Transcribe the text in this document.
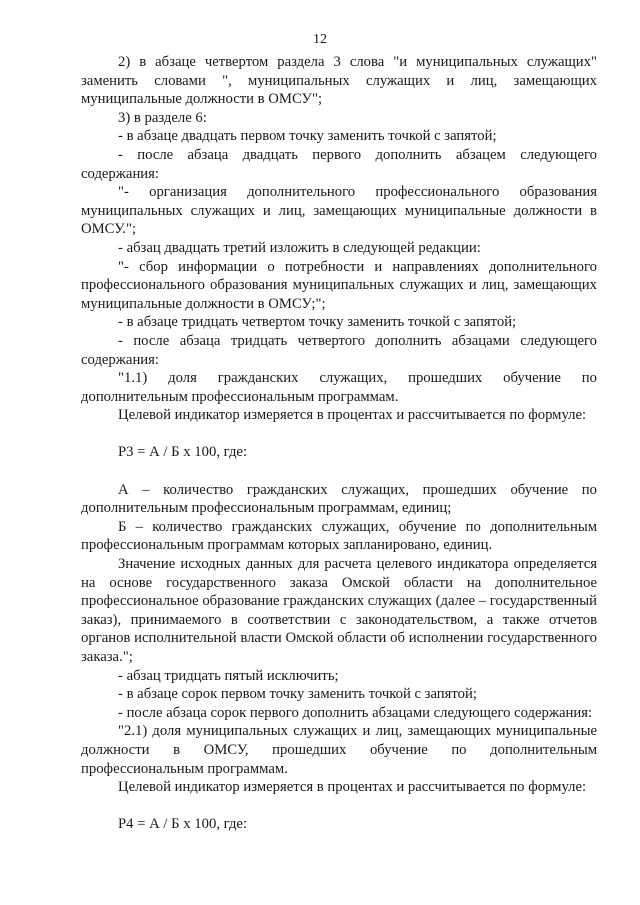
12
2) в абзаце четвертом раздела 3 слова "и муниципальных служащих" заменить словами ", муниципальных служащих и лиц, замещающих муниципальные должности в ОМСУ";
3) в разделе 6:
- в абзаце двадцать первом точку заменить точкой с запятой;
- после абзаца двадцать первого дополнить абзацем следующего содержания:
"- организация дополнительного профессионального образования муниципальных служащих и лиц, замещающих муниципальные должности в ОМСУ.";
- абзац двадцать третий изложить в следующей редакции:
"- сбор информации о потребности и направлениях дополнительного профессионального образования муниципальных служащих и лиц, замещающих муниципальные должности в ОМСУ;";
- в абзаце тридцать четвертом точку заменить точкой с запятой;
- после абзаца тридцать четвертого дополнить абзацами следующего содержания:
"1.1) доля гражданских служащих, прошедших обучение по дополнительным профессиональным программам.
Целевой индикатор измеряется в процентах и рассчитывается по формуле:
Р3 = А / Б х 100, где:
А – количество гражданских служащих, прошедших обучение по дополнительным профессиональным программам, единиц;
Б – количество гражданских служащих, обучение по дополнительным профессиональным программам которых запланировано, единиц.
Значение исходных данных для расчета целевого индикатора определяется на основе государственного заказа Омской области на дополнительное профессиональное образование гражданских служащих (далее – государственный заказ), принимаемого в соответствии с законодательством, а также отчетов органов исполнительной власти Омской области об исполнении государственного заказа.";
- абзац тридцать пятый исключить;
- в абзаце сорок первом точку заменить точкой с запятой;
- после абзаца сорок первого дополнить абзацами следующего содержания:
"2.1) доля муниципальных служащих и лиц, замещающих муниципальные должности в ОМСУ, прошедших обучение по дополнительным профессиональным программам.
Целевой индикатор измеряется в процентах и рассчитывается по формуле:
Р4 = А / Б х 100, где:
